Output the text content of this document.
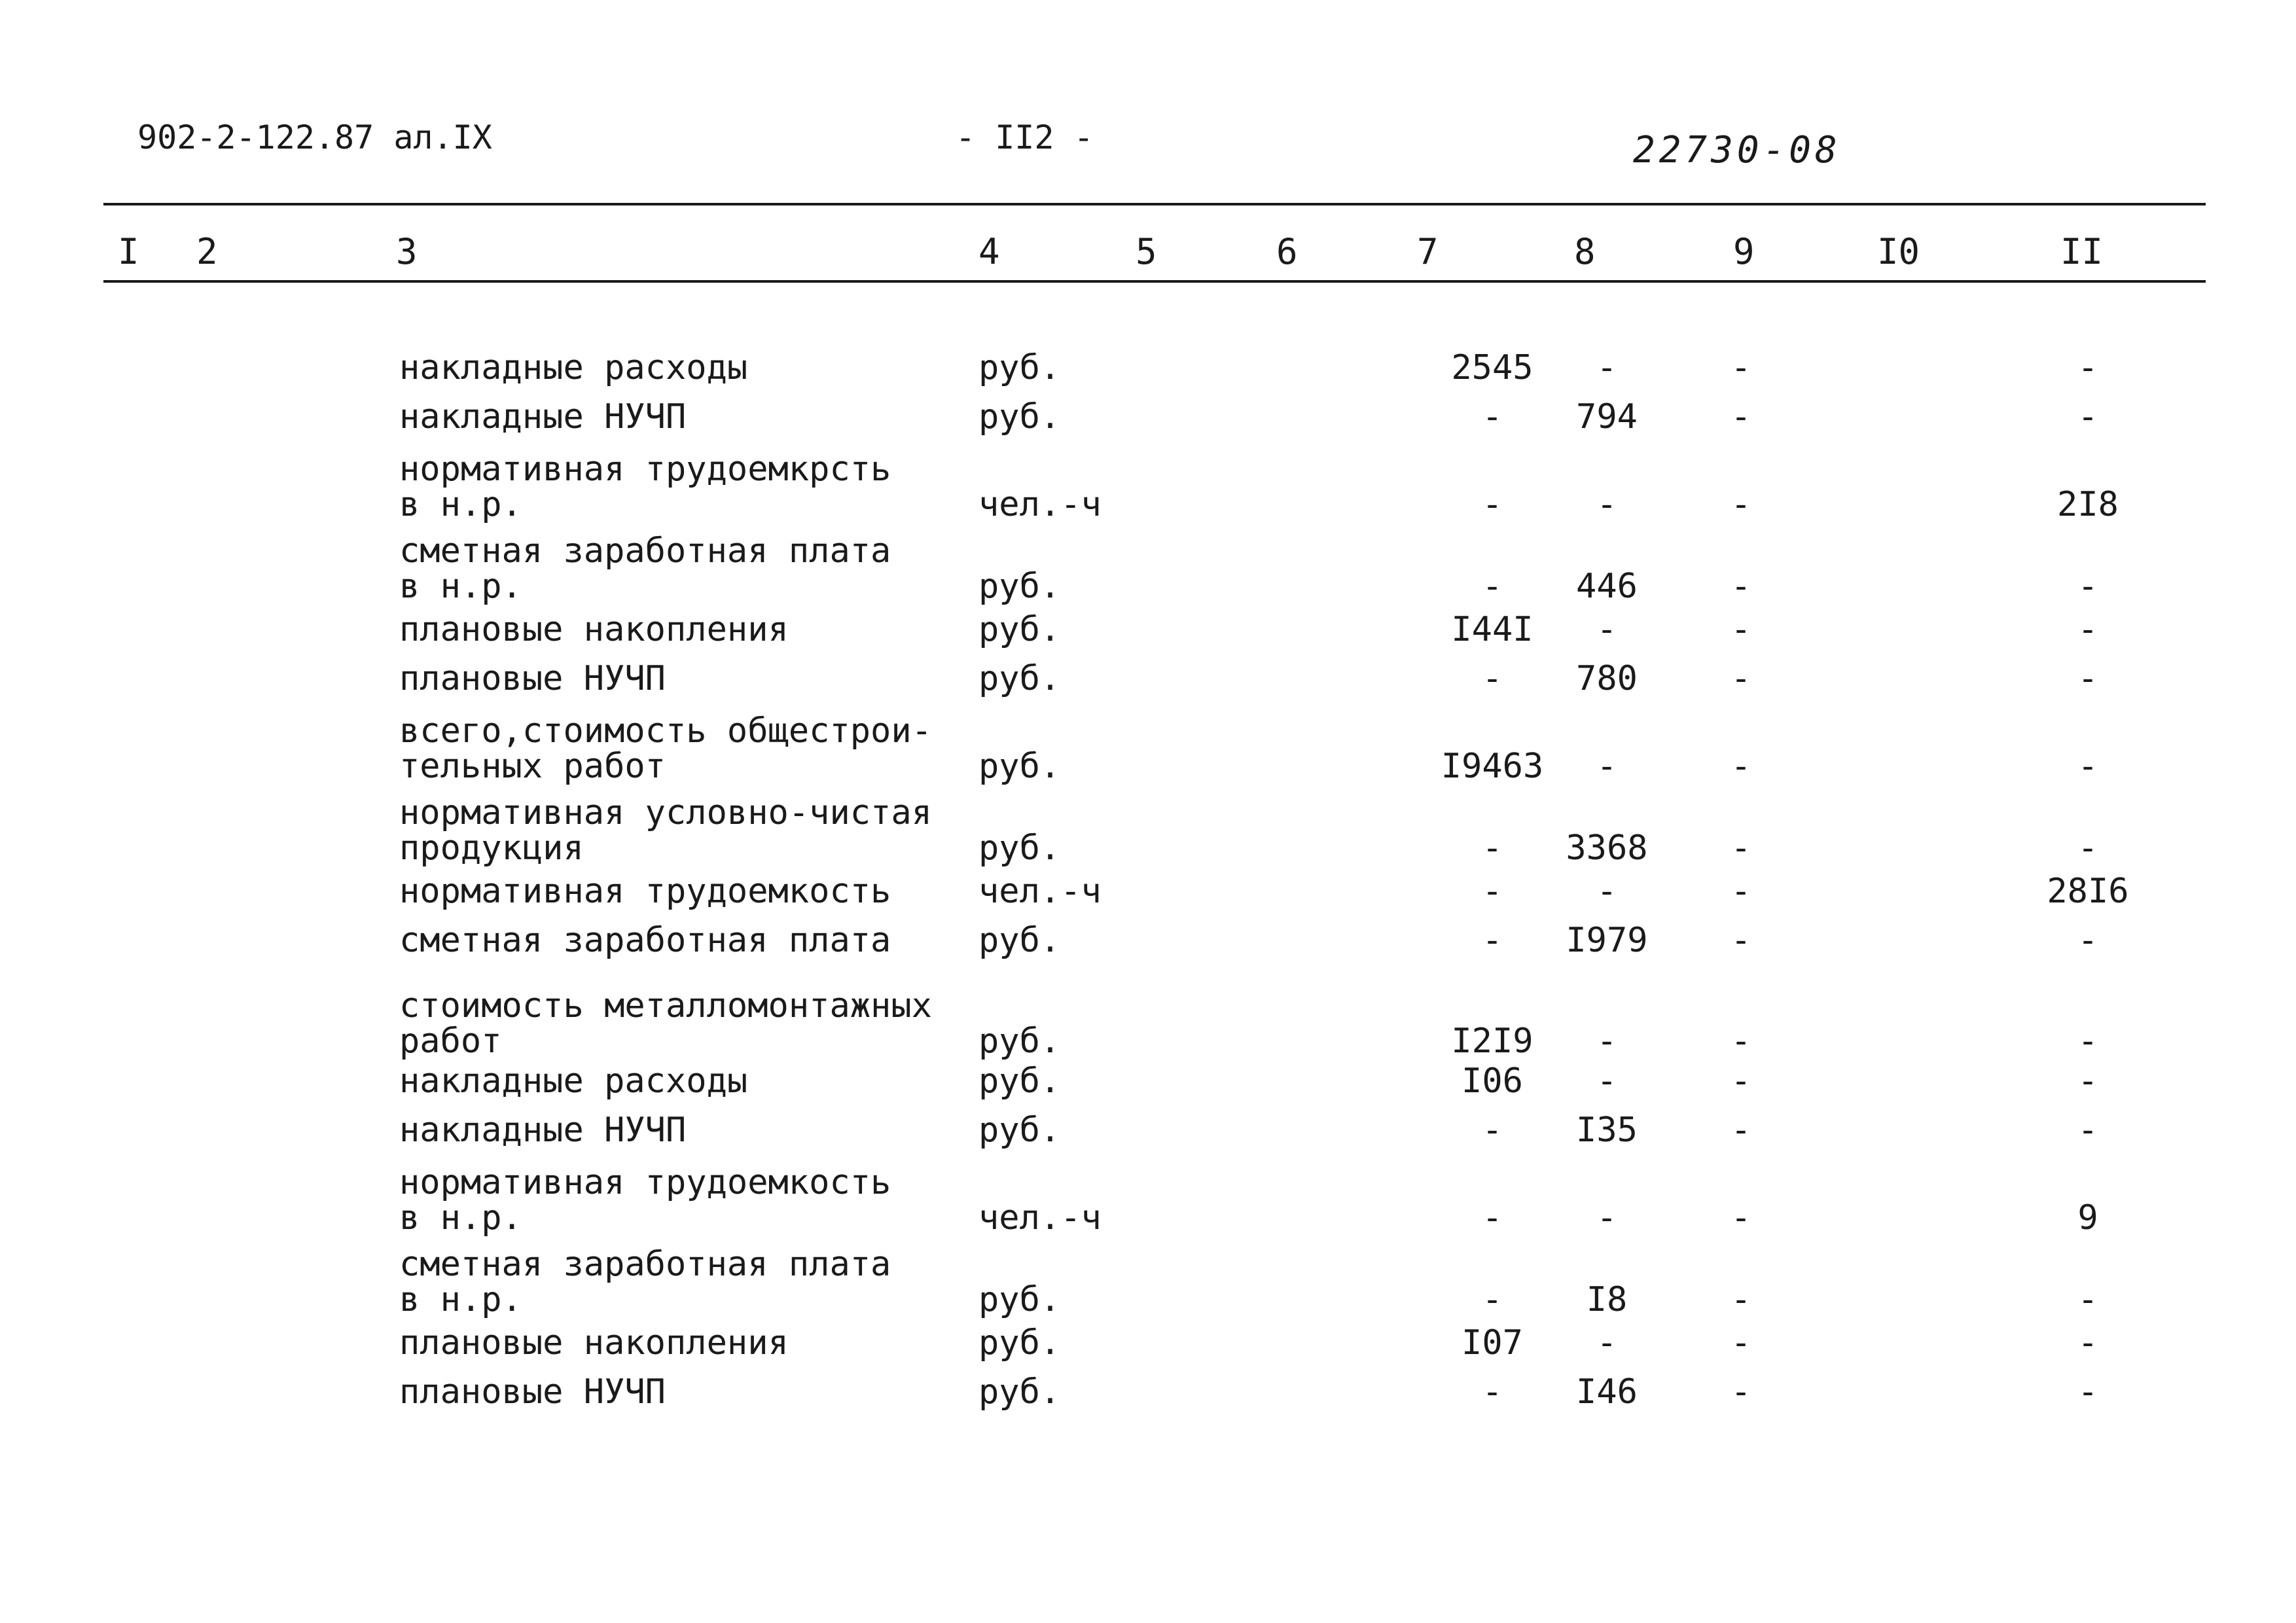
902-2-122.87 ал.IX	- II2 -	22730-08
I 2	3	4	5	6	7	8	9	I0	II
накладные расходы	руб.	2545	-	-	-
накладные НУЧП	руб.	-	794	-	-
нормативная трудоемкрсть
в н.р.	чел.-ч	-	-	-	2I8
сметная заработная плата
в н.р.	руб.	-	446	-	-
плановые накопления	руб.	I44I	-	-	-
плановые НУЧП	руб.	-	780	-	-
всего,стоимость общестрои-
тельных работ	руб.	I9463	-	-	-
нормативная условно-чистая
продукция	руб.	-	3368	-	-
нормативная трудоемкость	чел.-ч	-	-	-	28I6
сметная заработная плата	руб.	-	I979	-	-
стоимость металломонтажных
работ	руб.	I2I9	-	-	-
накладные расходы	руб.	I06	-	-	-
накладные НУЧП	руб.	-	I35	-	-
нормативная трудоемкость
в н.р.	чел.-ч	-	-	-	9
сметная заработная плата
в н.р.	руб.	-	I8	-	-
плановые накопления	руб.	I07	-	-	-
плановые НУЧП	руб.	-	I46	-	-
